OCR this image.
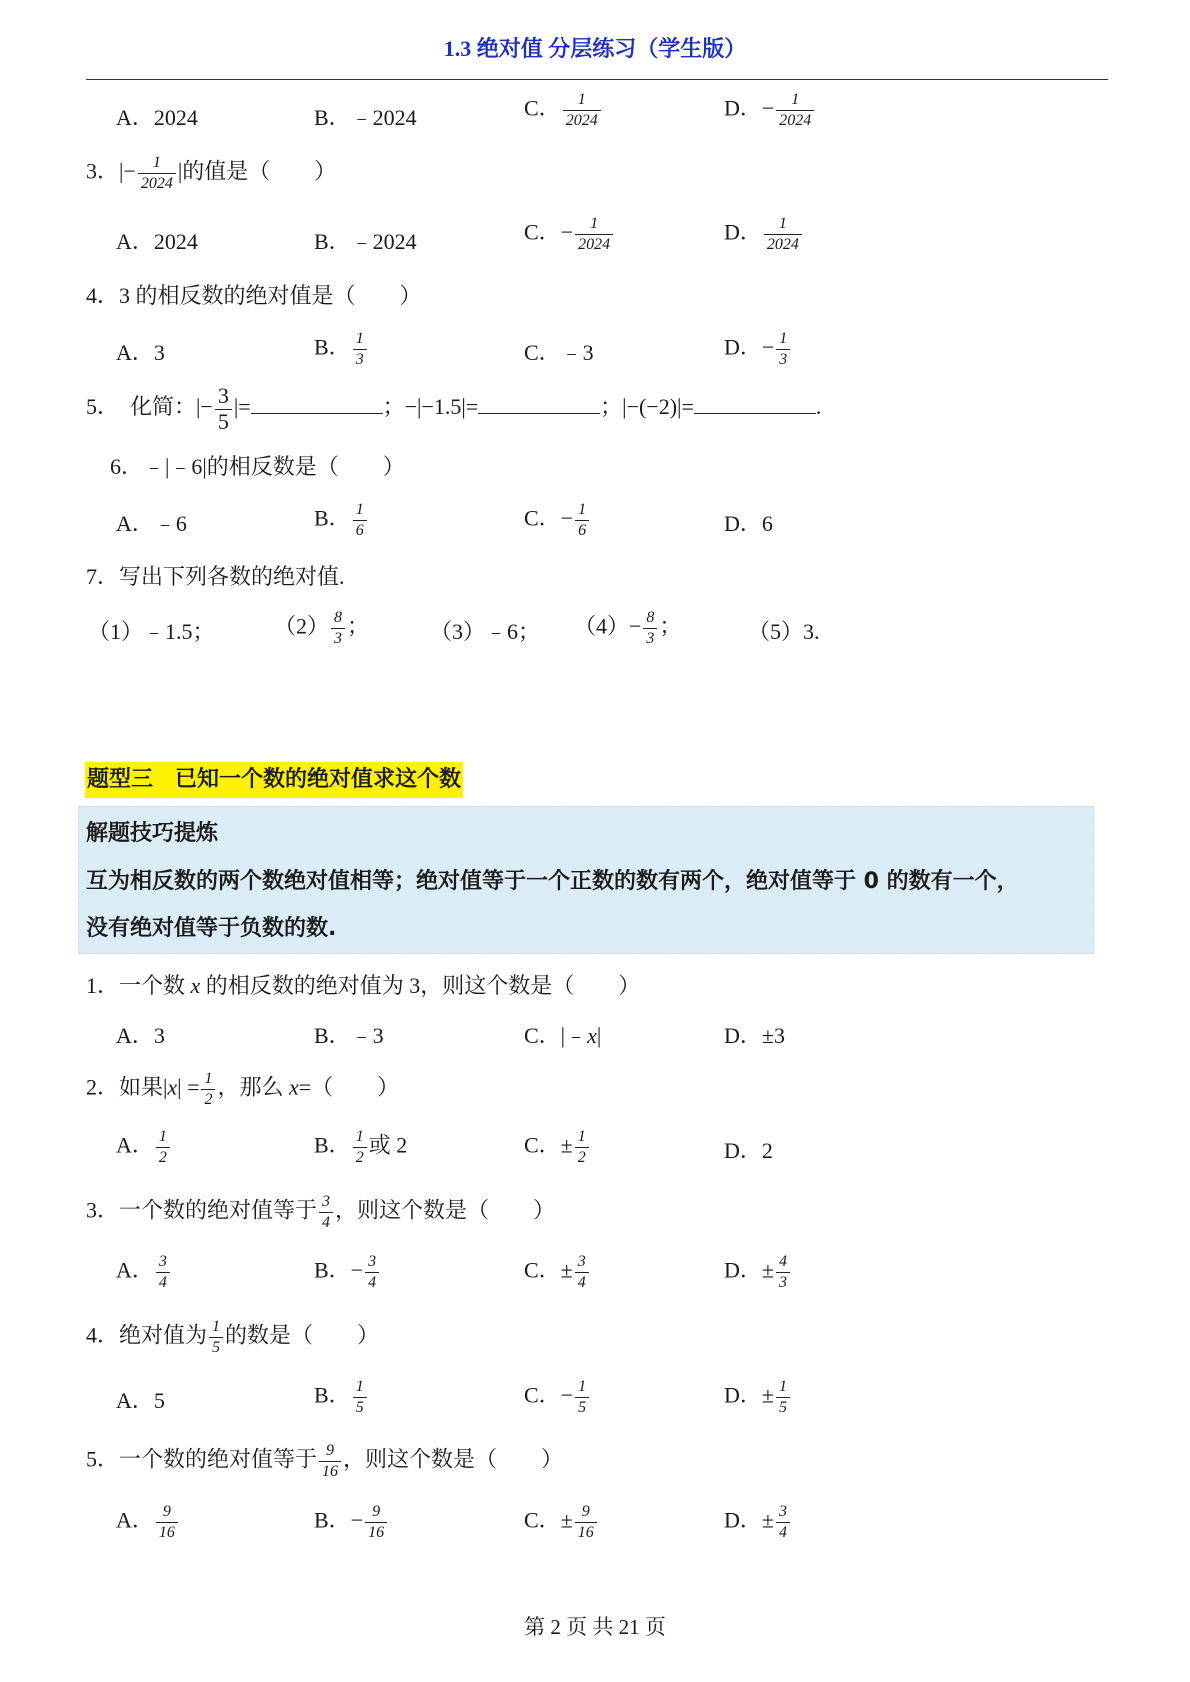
1.3 绝对值 分层练习（学生版）
A．2024	B．﹣2024	C． $\frac{1}{2024}$	D．− $\frac{1}{2024}$
3．|− $\frac{1}{2024}$ |的值是（　　）
A．2024	B．﹣2024	C．− $\frac{1}{2024}$	D． $\frac{1}{2024}$
4．3 的相反数的绝对值是（　　）
A．3	B． $\frac{1}{3}$	C．﹣3	D．− $\frac{1}{3}$
5． 化简：|− $\frac{3}{5}$ |=	；−|−1.5|=	；|−(−2)|=	.
6．﹣|﹣6|的相反数是（　　）
A．﹣6	B． $\frac{1}{6}$	C．− $\frac{1}{6}$	D．6
7．写出下列各数的绝对值.
（1）﹣1.5；	$(2) \frac{8}{3}$ ；	（3）﹣6； $(4)- \frac{8}{3}$ ；	（5）3.
题型三　已知一个数的绝对值求这个数
解题技巧提炼
互为相反数的两个数绝对值相等；绝对值等于一个正数的数有两个，绝对值等于 0 的数有一个，
没有绝对值等于负数的数.
1．一个数 x 的相反数的绝对值为 3，则这个数是（　　）
A．3	B．﹣3	C．|﹣x|	D．±3
2．如果$|x| = \frac{1}{2}$ ，那么 x=（　　）
A． $\frac{1}{2}$	B． $\frac{1}{2}$ 或 2	C．± $\frac{1}{2}$	D．2
3．一个数的绝对值等于 $\frac{3}{4}$ ，则这个数是（　　）
A． $\frac{3}{4}$	B．− $\frac{3}{4}$	C．± $\frac{3}{4}$	D．± $\frac{4}{3}$
4．绝对值为 $\frac{1}{5}$ 的数是（　　）
A．5	B． $\frac{1}{5}$	C．− $\frac{1}{5}$	D．± $\frac{1}{5}$
5．一个数的绝对值等于 $\frac{9}{16}$ ，则这个数是（　　）
A． $\frac{9}{16}$	B．− $\frac{9}{16}$	C．± $\frac{9}{16}$	D．± $\frac{3}{4}$
第 2 页 共 21 页
